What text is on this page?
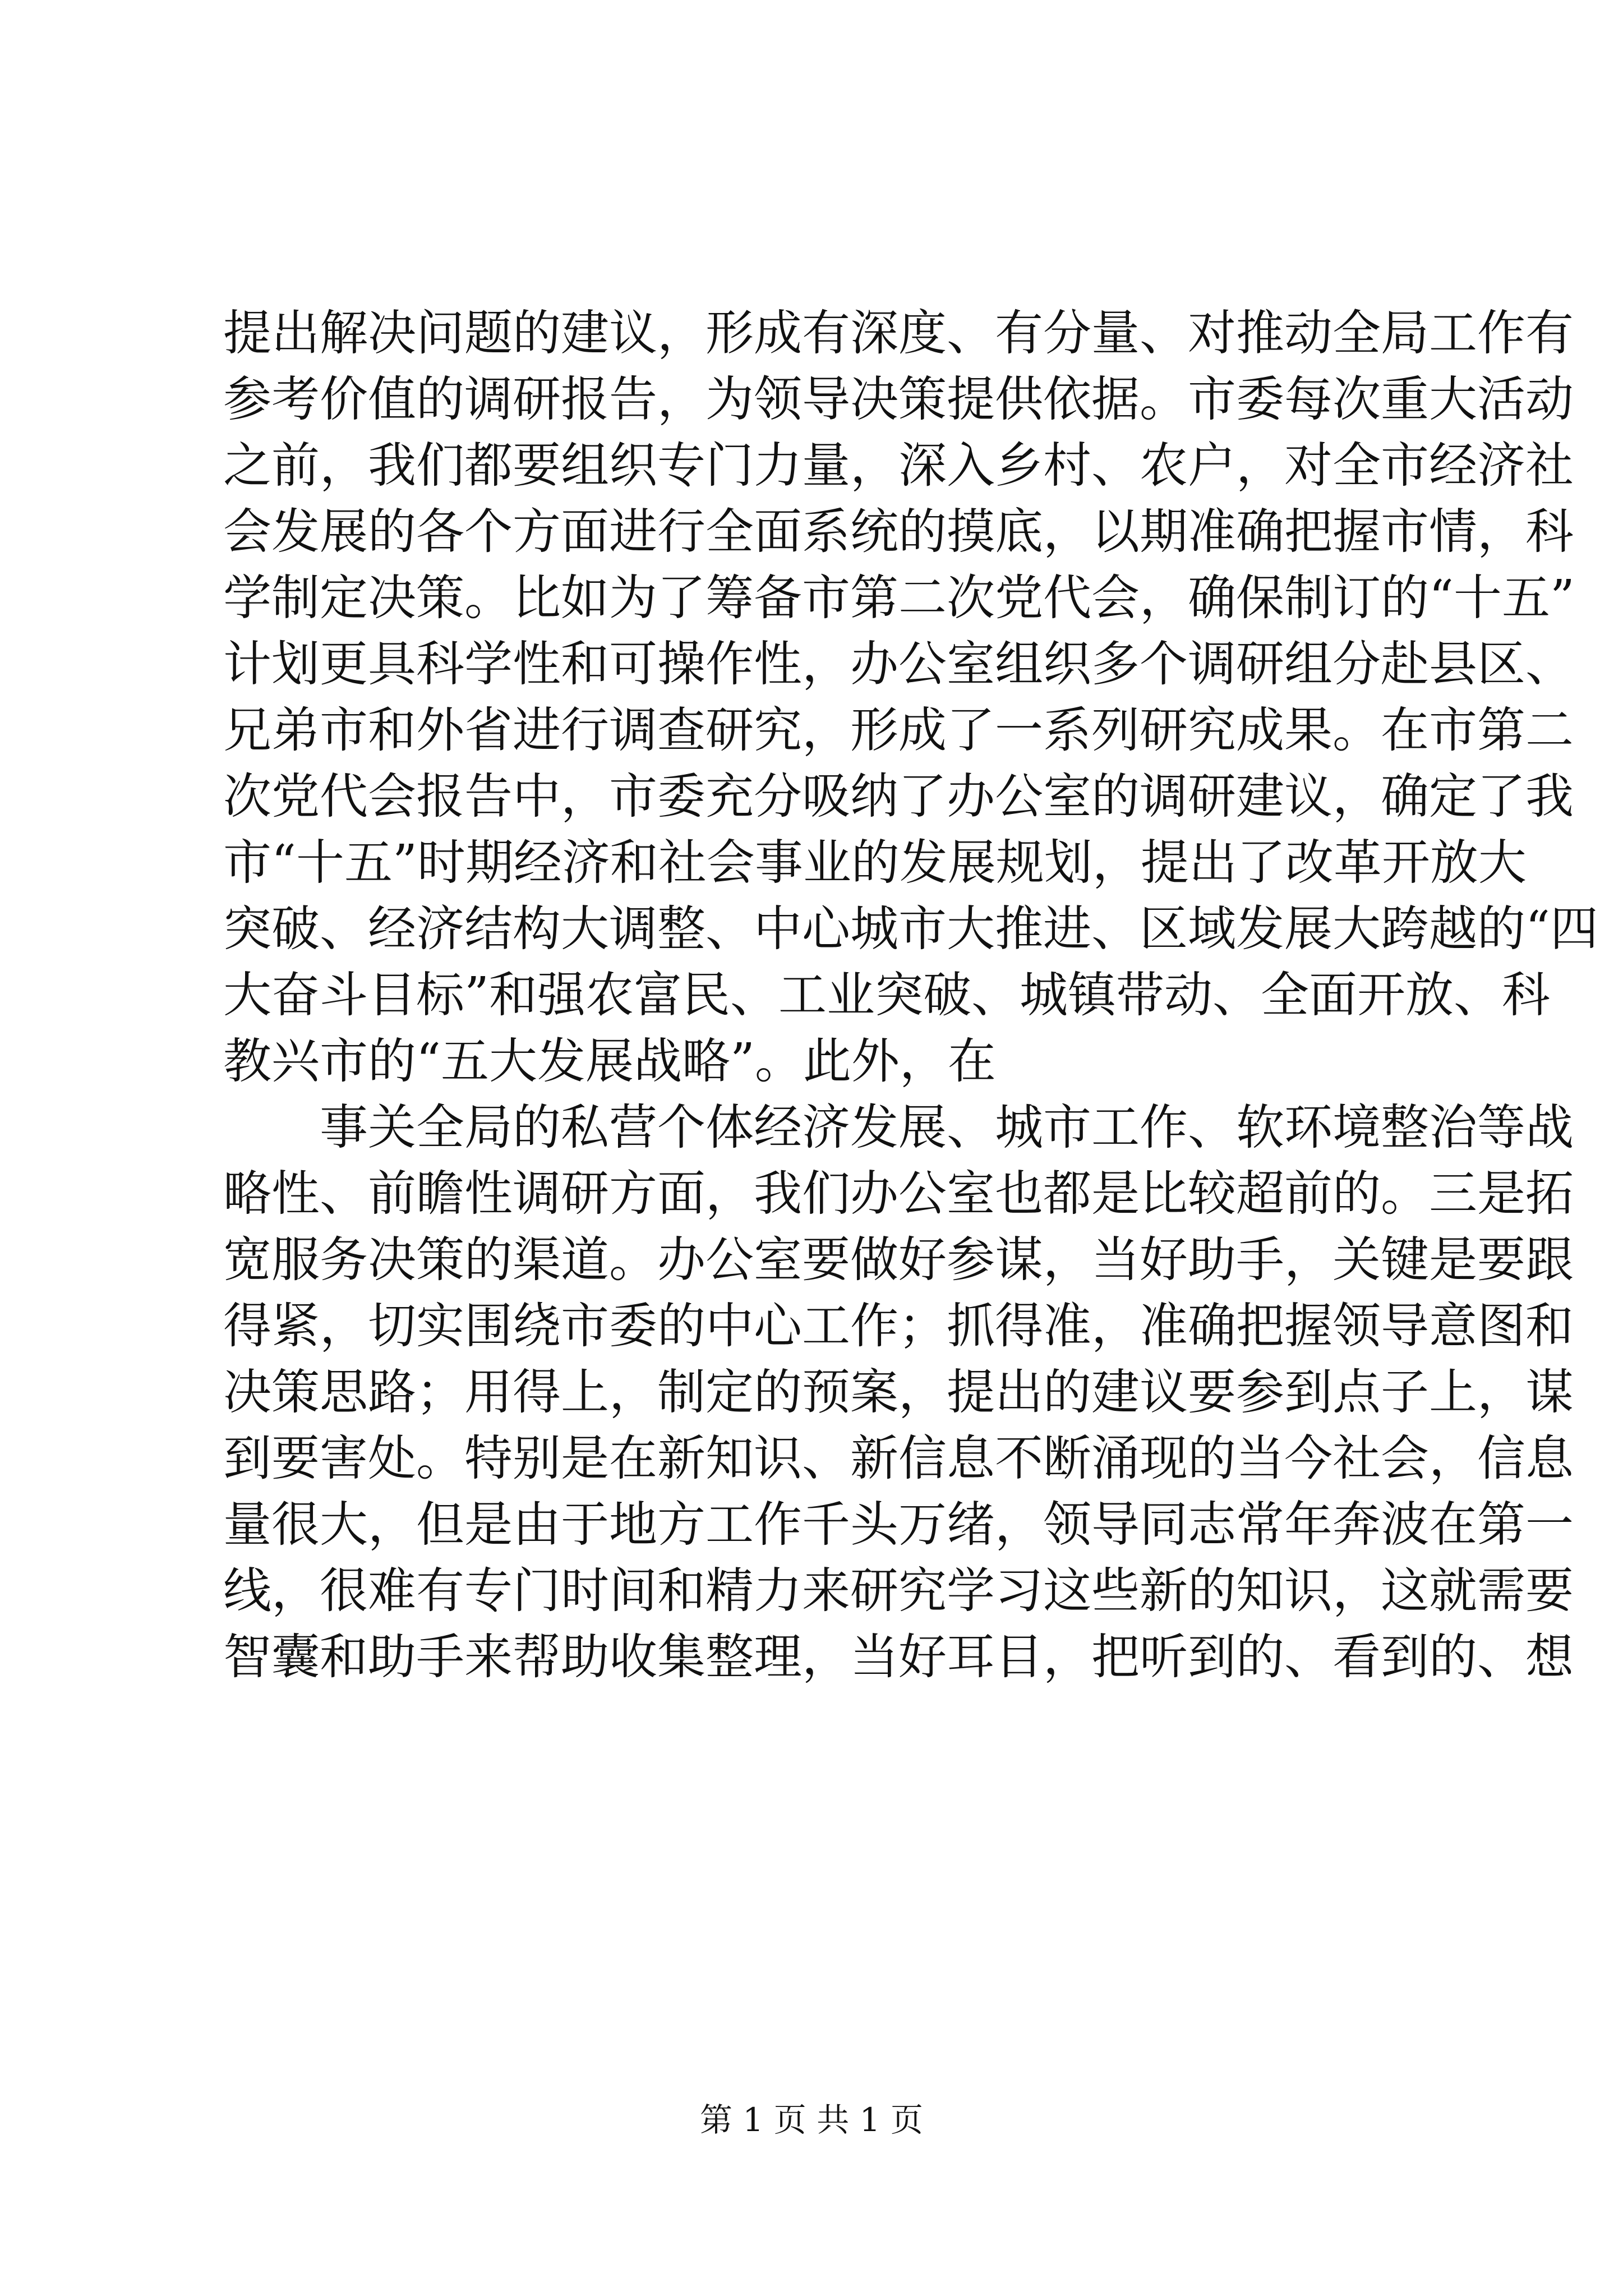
提出解决问题的建议，形成有深度、有分量、对推动全局工作有
参考价值的调研报告，为领导决策提供依据。市委每次重大活动
之前，我们都要组织专门力量，深入乡村、农户，对全市经济社
会发展的各个方面进行全面系统的摸底，以期准确把握市情，科
学制定决策。比如为了筹备市第二次党代会，确保制订的“十五”
计划更具科学性和可操作性，办公室组织多个调研组分赴县区、
兄弟市和外省进行调查研究，形成了一系列研究成果。在市第二
次党代会报告中，市委充分吸纳了办公室的调研建议，确定了我
市“十五”时期经济和社会事业的发展规划，提出了改革开放大
突破、经济结构大调整、中心城市大推进、区域发展大跨越的“四
大奋斗目标”和强农富民、工业突破、城镇带动、全面开放、科
教兴市的“五大发展战略”。此外，在
事关全局的私营个体经济发展、城市工作、软环境整治等战
略性、前瞻性调研方面，我们办公室也都是比较超前的。三是拓
宽服务决策的渠道。办公室要做好参谋，当好助手，关键是要跟
得紧，切实围绕市委的中心工作；抓得准，准确把握领导意图和
决策思路；用得上，制定的预案，提出的建议要参到点子上，谋
到要害处。特别是在新知识、新信息不断涌现的当今社会，信息
量很大，但是由于地方工作千头万绪，领导同志常年奔波在第一
线，很难有专门时间和精力来研究学习这些新的知识，这就需要
智囊和助手来帮助收集整理，当好耳目，把听到的、看到的、想
第 1 页 共 1 页
